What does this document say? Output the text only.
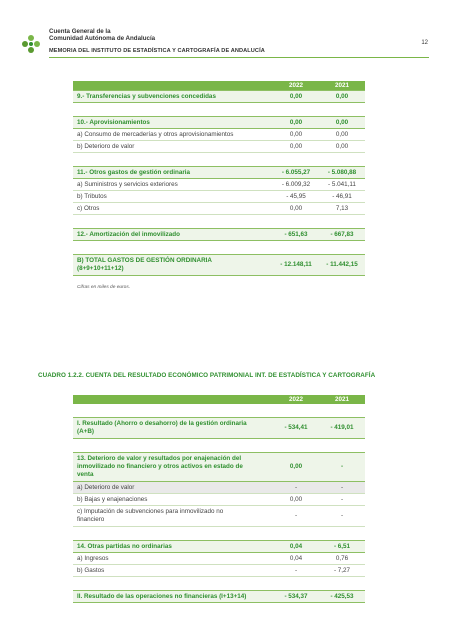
Cuenta General de la
Comunidad Autónoma de Andalucía
MEMORIA DEL INSTITUTO DE ESTADÍSTICA Y CARTOGRAFÍA DE ANDALUCÍA
12
	2022	2021
9.- Transferencias y subvenciones concedidas	0,00	0,00

10.- Aprovisionamientos	0,00	0,00
a) Consumo de mercaderías y otros aprovisionamientos	0,00	0,00
b) Deterioro de valor	0,00	0,00

11.- Otros gastos de gestión ordinaria	- 6.055,27	- 5.080,88
a) Suministros y servicios exteriores	- 6.009,32	- 5.041,11
b) Tributos	- 45,95	- 46,91
c) Otros	0,00	7,13

12.- Amortización del inmovilizado	- 651,63	- 667,83

B) TOTAL GASTOS DE GESTIÓN ORDINARIA
(8+9+10+11+12)	- 12.148,11	- 11.442,15
Cifras en miles de euros.
CUADRO 1.2.2. CUENTA DEL RESULTADO ECONÓMICO PATRIMONIAL INT. DE ESTADÍSTICA Y CARTOGRAFÍA
	2022	2021

I. Resultado (Ahorro o desahorro) de la gestión ordinaria
(A+B)	- 534,41	- 419,01

13. Deterioro de valor y resultados por enajenación del
inmovilizado no financiero y otros activos en estado de
venta	0,00	-
a) Deterioro de valor	-	-
b) Bajas y enajenaciones	0,00	-
c) Imputación de subvenciones para inmovilizado no
financiero	-	-

14. Otras partidas no ordinarias	0,04	- 6,51
a) Ingresos	0,04	0,76
b) Gastos	-	- 7,27

II. Resultado de las operaciones no financieras (I+13+14)	- 534,37	- 425,53
